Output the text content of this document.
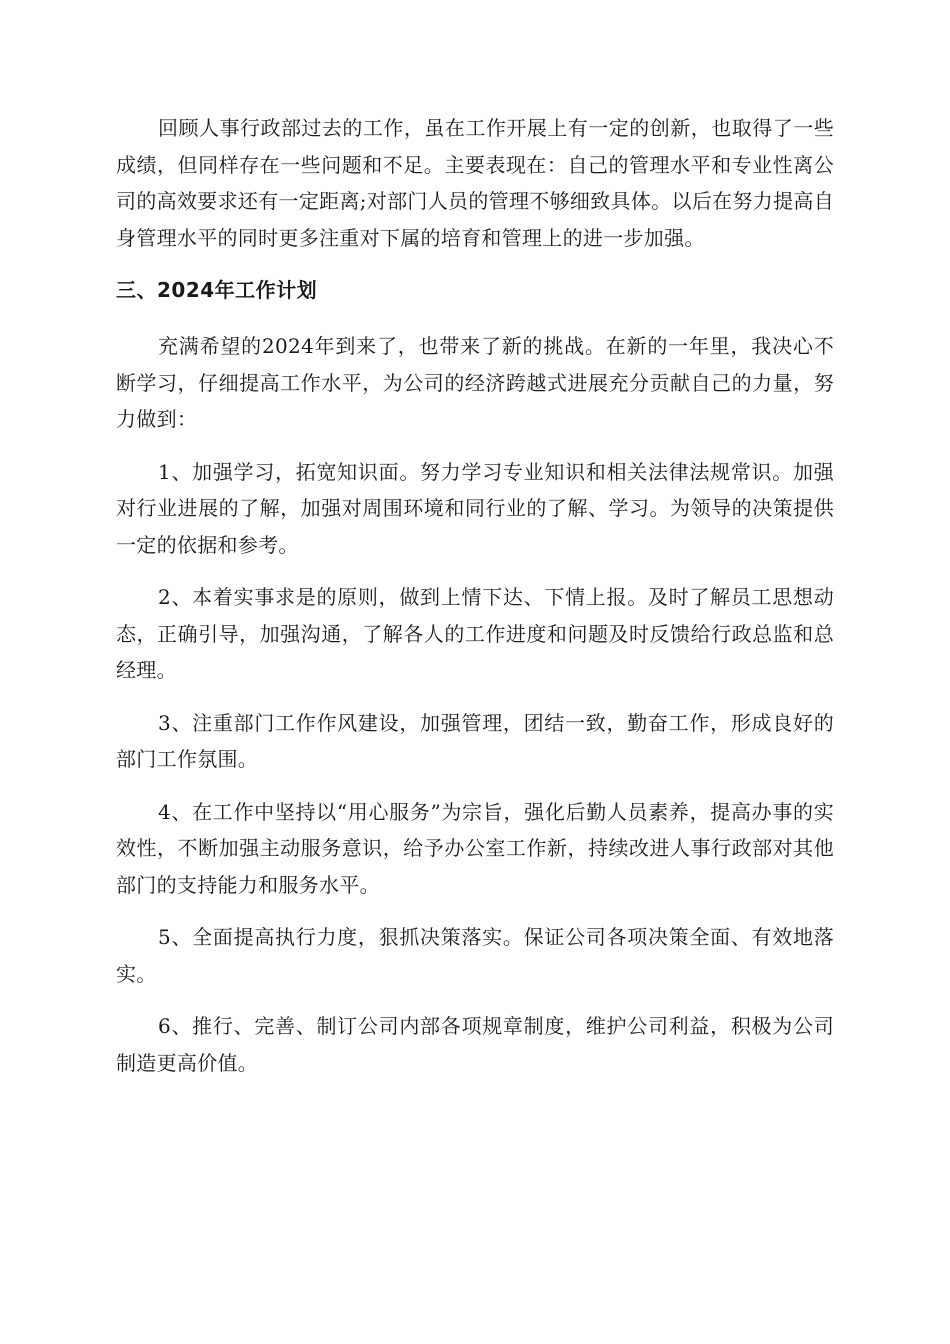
回顾人事行政部过去的工作，虽在工作开展上有一定的创新，也取得了一些成绩，但同样存在一些问题和不足。主要表现在：自己的管理水平和专业性离公司的高效要求还有一定距离;对部门人员的管理不够细致具体。以后在努力提高自身管理水平的同时更多注重对下属的培育和管理上的进一步加强。

三、2024年工作计划

充满希望的2024年到来了，也带来了新的挑战。在新的一年里，我决心不断学习，仔细提高工作水平，为公司的经济跨越式进展充分贡献自己的力量，努力做到：

1、加强学习，拓宽知识面。努力学习专业知识和相关法律法规常识。加强对行业进展的了解，加强对周围环境和同行业的了解、学习。为领导的决策提供一定的依据和参考。

2、本着实事求是的原则，做到上情下达、下情上报。及时了解员工思想动态，正确引导，加强沟通，了解各人的工作进度和问题及时反馈给行政总监和总经理。

3、注重部门工作作风建设，加强管理，团结一致，勤奋工作，形成良好的部门工作氛围。

4、在工作中坚持以“用心服务”为宗旨，强化后勤人员素养，提高办事的实效性，不断加强主动服务意识，给予办公室工作新，持续改进人事行政部对其他部门的支持能力和服务水平。

5、全面提高执行力度，狠抓决策落实。保证公司各项决策全面、有效地落实。

6、推行、完善、制订公司内部各项规章制度，维护公司利益，积极为公司制造更高价值。
